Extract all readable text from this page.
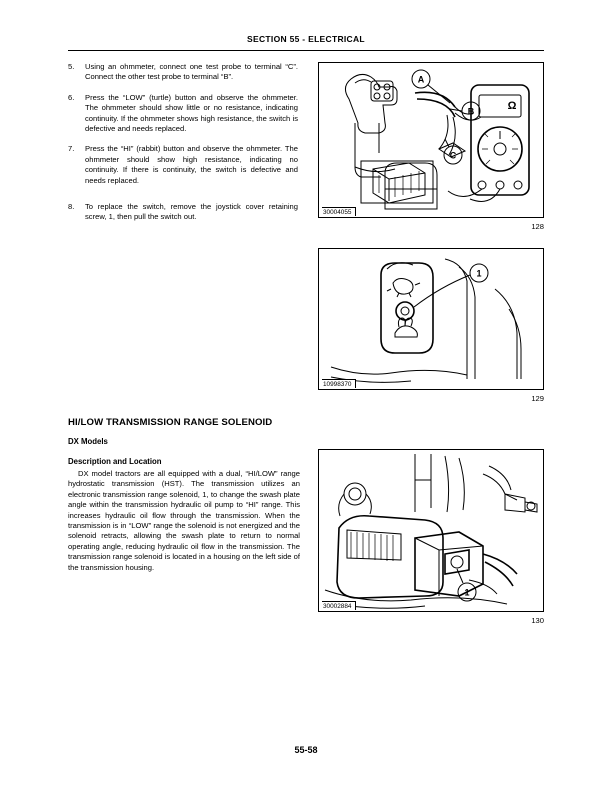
SECTION 55 - ELECTRICAL
5.	Using an ohmmeter, connect one test probe to terminal “C”. Connect the other test probe to terminal “B”.
6.	Press the “LOW” (turtle) button and observe the ohmmeter. The ohmmeter should show little or no resistance, indicating continuity. If the ohmmeter shows high resistance, the switch is defective and needs replaced.
7.	Press the “HI” (rabbit) button and observe the ohmmeter. The ohmmeter should show high resistance, indicating no continuity. If there is continuity, the switch is defective and needs replaced.
8.	To replace the switch, remove the joystick cover retaining screw, 1, then pull the switch out.
HI/LOW TRANSMISSION RANGE SOLENOID
DX Models
Description and Location
DX model tractors are all equipped with a dual, “HI/LOW” range hydrostatic transmission (HST). The transmission utilizes an electronic transmission range solenoid, 1, to change the swash plate angle within the transmission hydraulic oil pump to “HI” range. This increases hydraulic oil flow through the transmission. When the transmission is in “LOW” range the solenoid is not energized and the solenoid retracts, allowing the swash plate to return to normal operating angle, reducing hydraulic oil flow in the transmission. The transmission range solenoid is located in a housing on the left side of the transmission housing.
Ω
A
B
C
30004055
128
1
10998370
129
1
30002884
130
55-58
